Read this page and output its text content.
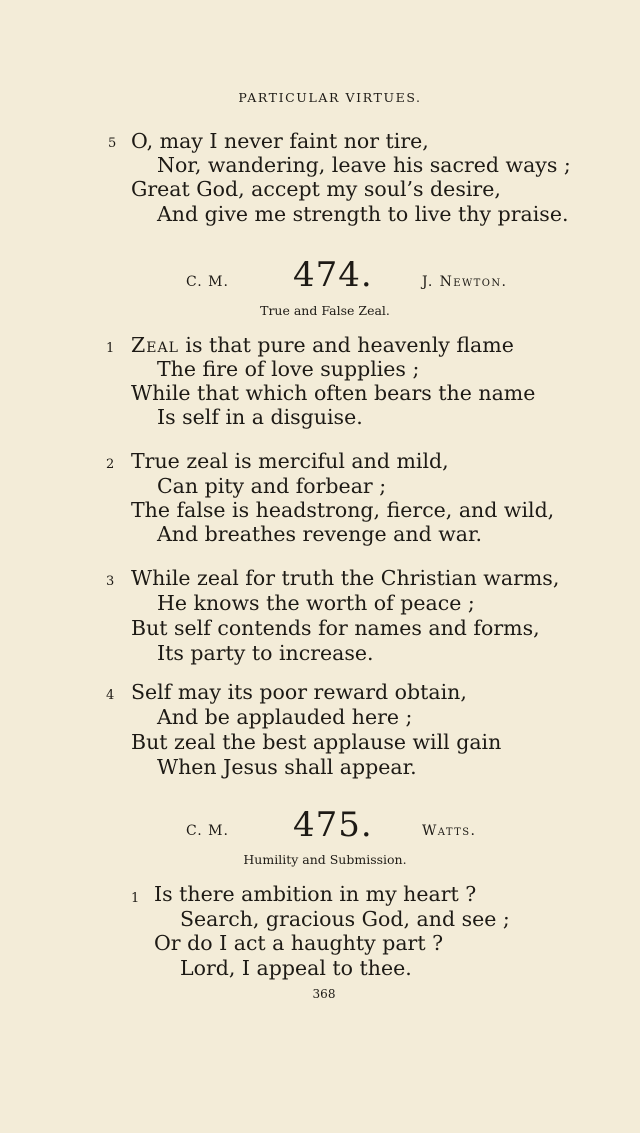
PARTICULAR VIRTUES.
5 O, may I never faint nor tire,
Nor, wandering, leave his sacred ways ;
Great God, accept my soul’s desire,
And give me strength to live thy praise.
C. M. 474.	J. Newton.
True and False Zeal.
1 Zeal is that pure and heavenly flame
The fire of love supplies ;
While that which often bears the name
Is self in a disguise.
2 True zeal is merciful and mild,
Can pity and forbear ;
The false is headstrong, fierce, and wild,
And breathes revenge and war.
3 While zeal for truth the Christian warms,
He knows the worth of peace ;
But self contends for names and forms,
Its party to increase.
4 Self may its poor reward obtain,
And be applauded here ;
But zeal the best applause will gain
When Jesus shall appear.
C. M. 475.	Watts.
Humility and Submission.
1 Is there ambition in my heart ?
Search, gracious God, and see ;
Or do I act a haughty part ?
Lord, I appeal to thee.
368
